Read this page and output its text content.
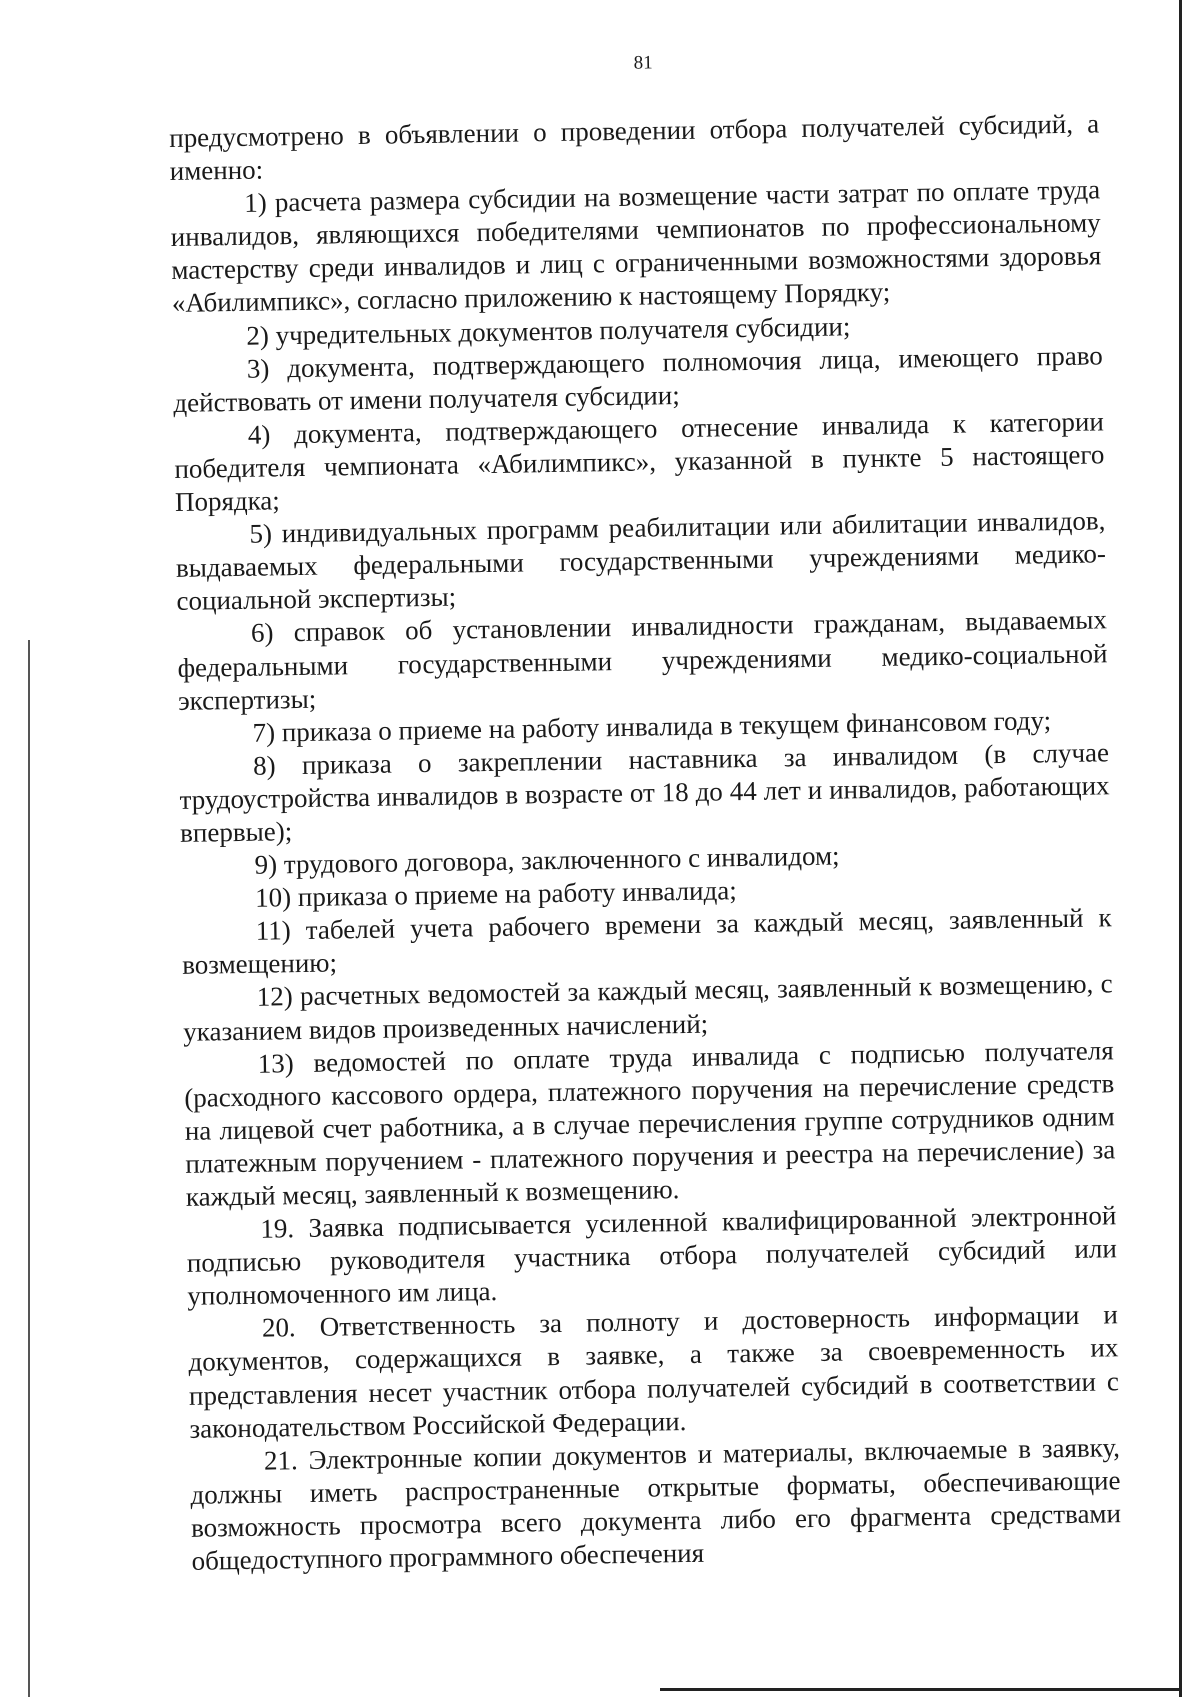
81

предусмотрено в объявлении о проведении отбора получателей субсидий, а именно:

1) расчета размера субсидии на возмещение части затрат по оплате труда инвалидов, являющихся победителями чемпионатов по профессиональному мастерству среди инвалидов и лиц с ограниченными возможностями здоровья «Абилимпикс», согласно приложению к настоящему Порядку;

2) учредительных документов получателя субсидии;

3) документа, подтверждающего полномочия лица, имеющего право действовать от имени получателя субсидии;

4) документа, подтверждающего отнесение инвалида к категории победителя чемпионата «Абилимпикс», указанной в пункте 5 настоящего Порядка;

5) индивидуальных программ реабилитации или абилитации инвалидов, выдаваемых федеральными государственными учреждениями медико-социальной экспертизы;

6) справок об установлении инвалидности гражданам, выдаваемых федеральными государственными учреждениями медико-социальной экспертизы;

7) приказа о приеме на работу инвалида в текущем финансовом году;

8) приказа о закреплении наставника за инвалидом (в случае трудоустройства инвалидов в возрасте от 18 до 44 лет и инвалидов, работающих впервые);

9) трудового договора, заключенного с инвалидом;

10) приказа о приеме на работу инвалида;

11) табелей учета рабочего времени за каждый месяц, заявленный к возмещению;

12) расчетных ведомостей за каждый месяц, заявленный к возмещению, с указанием видов произведенных начислений;

13) ведомостей по оплате труда инвалида с подписью получателя (расходного кассового ордера, платежного поручения на перечисление средств на лицевой счет работника, а в случае перечисления группе сотрудников одним платежным поручением - платежного поручения и реестра на перечисление) за каждый месяц, заявленный к возмещению.

19. Заявка подписывается усиленной квалифицированной электронной подписью руководителя участника отбора получателей субсидий или уполномоченного им лица.

20. Ответственность за полноту и достоверность информации и документов, содержащихся в заявке, а также за своевременность их представления несет участник отбора получателей субсидий в соответствии с законодательством Российской Федерации.

21. Электронные копии документов и материалы, включаемые в заявку, должны иметь распространенные открытые форматы, обеспечивающие возможность просмотра всего документа либо его фрагмента средствами общедоступного программного обеспечения
